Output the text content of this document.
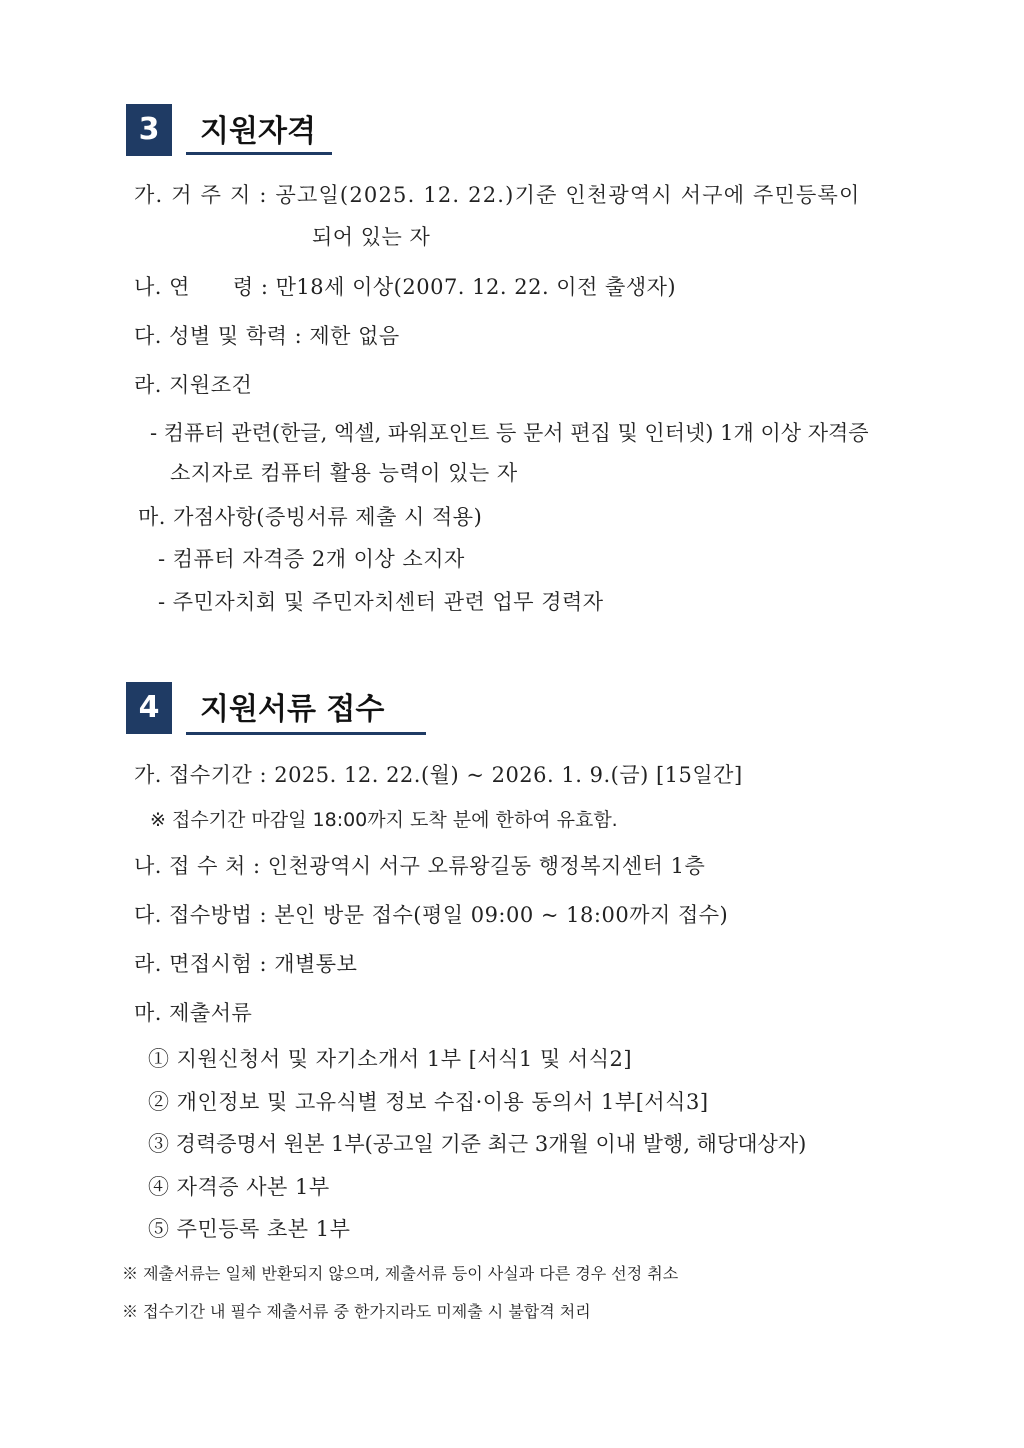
3	지원자격
가. 거 주 지 : 공고일(2025. 12. 22.)기준 인천광역시 서구에 주민등록이
되어 있는 자
나. 연　　령 : 만18세 이상(2007. 12. 22. 이전 출생자)
다. 성별 및 학력 : 제한 없음
라. 지원조건
- 컴퓨터 관련(한글, 엑셀, 파워포인트 등 문서 편집 및 인터넷) 1개 이상 자격증
소지자로 컴퓨터 활용 능력이 있는 자
마. 가점사항(증빙서류 제출 시 적용)
- 컴퓨터 자격증 2개 이상 소지자
- 주민자치회 및 주민자치센터 관련 업무 경력자
4	지원서류 접수
가. 접수기간 : 2025. 12. 22.(월) ~ 2026. 1. 9.(금) [15일간]
※ 접수기간 마감일 18:00까지 도착 분에 한하여 유효함.
나. 접 수 처 : 인천광역시 서구 오류왕길동 행정복지센터 1층
다. 접수방법 : 본인 방문 접수(평일 09:00 ~ 18:00까지 접수)
라. 면접시험 : 개별통보
마. 제출서류
① 지원신청서 및 자기소개서 1부 [서식1 및 서식2]
② 개인정보 및 고유식별 정보 수집·이용 동의서 1부[서식3]
③ 경력증명서 원본 1부(공고일 기준 최근 3개월 이내 발행, 해당대상자)
④ 자격증 사본 1부
⑤ 주민등록 초본 1부
※ 제출서류는 일체 반환되지 않으며, 제출서류 등이 사실과 다른 경우 선정 취소
※ 접수기간 내 필수 제출서류 중 한가지라도 미제출 시 불합격 처리
